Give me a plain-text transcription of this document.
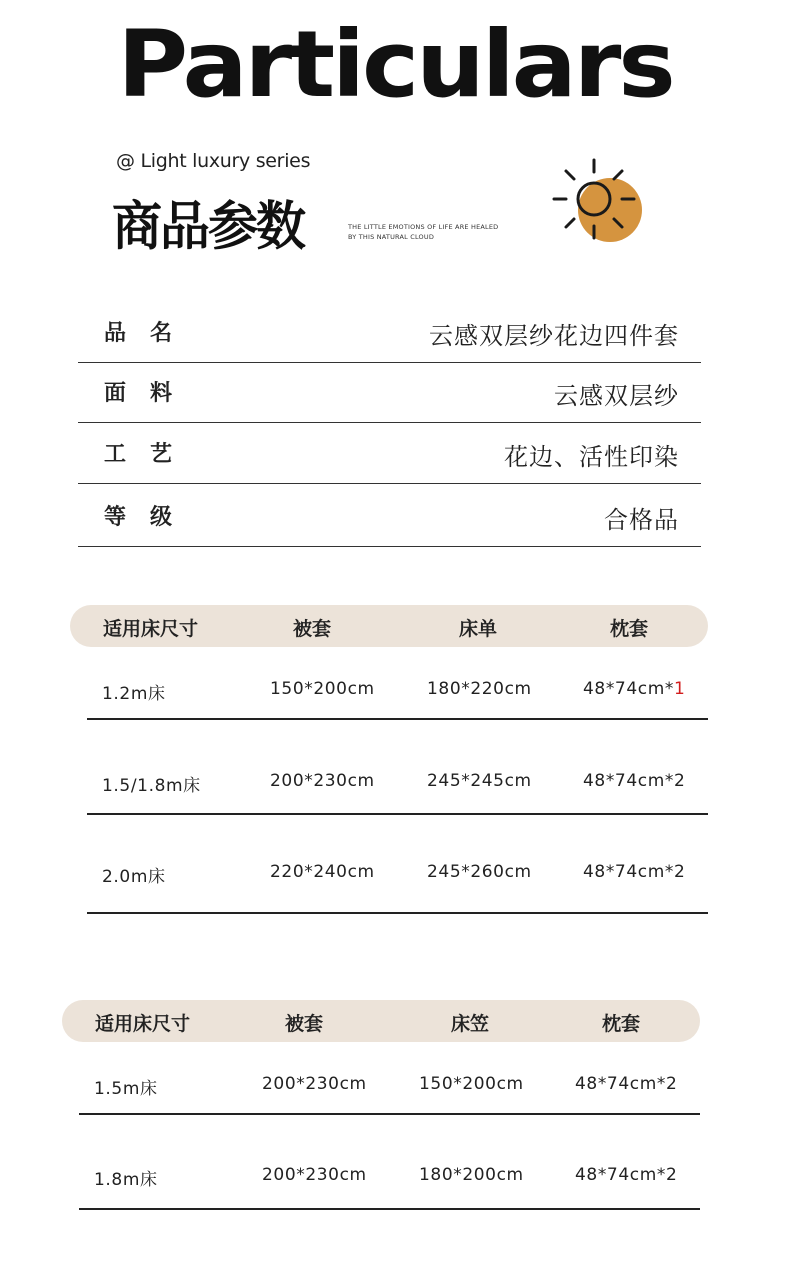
Particulars
@ Light luxury series
商品参数	THE LITTLE EMOTIONS OF LIFE ARE HEALED
BY THIS NATURAL CLOUD
品名	云感双层纱花边四件套
面料	云感双层纱
工艺	花边、活性印染
等级	合格品
适用床尺寸	被套	床单	枕套
1.2m床	150*200cm	180*220cm	48*74cm*1
1.5/1.8m床	200*230cm	245*245cm	48*74cm*2
2.0m床	220*240cm	245*260cm	48*74cm*2
适用床尺寸	被套	床笠	枕套
1.5m床	200*230cm	150*200cm	48*74cm*2
1.8m床	200*230cm	180*200cm	48*74cm*2
